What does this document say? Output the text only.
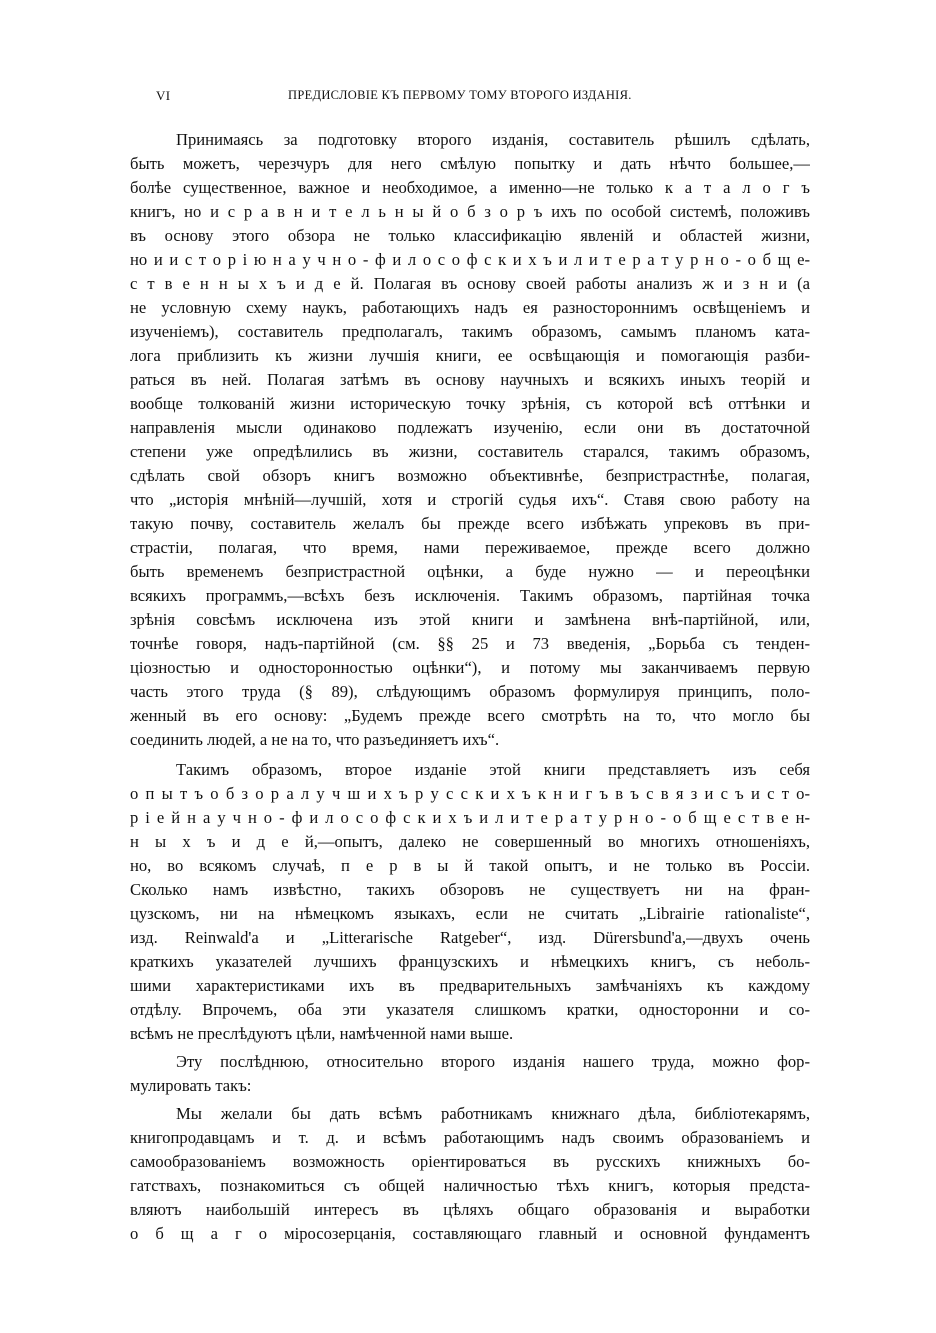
VI	ПРЕДИСЛОВІЕ КЪ ПЕРВОМУ ТОМУ ВТОРОГО ИЗДАНІЯ.
Принимаясь за подготовку второго изданія, составитель рѣшилъ сдѣлать,
быть можетъ, черезчуръ для него смѣлую попытку и дать нѣчто большее,—
болѣе существенное, важное и необходимое, а именно—не только к а т а л о г ъ
книгъ, но и с р а в н и т е л ь н ы й о б з о р ъ ихъ по особой системѣ, положивъ
въ основу этого обзора не только классификацію явленій и областей жизни,
но и и с т о р і ю н а у ч н о - ф и л о с о ф с к и х ъ и л и т е р а т у р н о - о б щ е-
с т в е н н ы х ъ и д е й. Полагая въ основу своей работы анализъ ж и з н и (а
не условную схему наукъ, работающихъ надъ ея разностороннимъ освѣщеніемъ и
изученіемъ), составитель предполагалъ, такимъ образомъ, самымъ планомъ ката-
лога приблизить къ жизни лучшія книги, ее освѣщающія и помогающія разби-
раться въ ней. Полагая затѣмъ въ основу научныхъ и всякихъ иныхъ теорій и
вообще толкованій жизни историческую точку зрѣнія, съ которой всѣ оттѣнки и
направленія мысли одинаково подлежатъ изученію, если они въ достаточной
степени уже опредѣлились въ жизни, составитель старался, такимъ образомъ,
сдѣлать свой обзоръ книгъ возможно объективнѣе, безпристрастнѣе, полагая,
что „исторія мнѣній—лучшій, хотя и строгій судья ихъ“. Ставя свою работу на
такую почву, составитель желалъ бы прежде всего избѣжать упрековъ въ при-
страстіи, полагая, что время, нами переживаемое, прежде всего должно
быть временемъ безпристрастной оцѣнки, а буде нужно — и переоцѣнки
всякихъ программъ,—всѣхъ безъ исключенія. Такимъ образомъ, партійная точка
зрѣнія совсѣмъ исключена изъ этой книги и замѣнена внѣ-партійной, или,
точнѣе говоря, надъ-партійной (см. §§ 25 и 73 введенія, „Борьба съ тенден-
ціозностью и односторонностью оцѣнки“), и потому мы заканчиваемъ первую
часть этого труда (§ 89), слѣдующимъ образомъ формулируя принципъ, поло-
женный въ его основу: „Будемъ прежде всего смотрѣть на то, что могло бы
соединить людей, а не на то, что разъединяетъ ихъ“.
Такимъ образомъ, второе изданіе этой книги представляетъ изъ себя
о п ы т ъ о б з о р а л у ч ш и х ъ р у с с к и х ъ к н и г ъ в ъ с в я з и с ъ и с т о-
р і е й н а у ч н о - ф и л о с о ф с к и х ъ и л и т е р а т у р н о - о б щ е с т в е н-
н ы х ъ и д е й,—опытъ, далеко не совершенный во многихъ отношеніяхъ,
но, во всякомъ случаѣ, п е р в ы й такой опытъ, и не только въ Россіи.
Сколько намъ извѣстно, такихъ обзоровъ не существуетъ ни на фран-
цузскомъ, ни на нѣмецкомъ языкахъ, если не считать „Librairie rationaliste“,
изд. Reinwald'a и „Litterarische Ratgeber“, изд. Dürersbund'a,—двухъ очень
краткихъ указателей лучшихъ французскихъ и нѣмецкихъ книгъ, съ неболь-
шими характеристиками ихъ въ предварительныхъ замѣчаніяхъ къ каждому
отдѣлу. Впрочемъ, оба эти указателя слишкомъ кратки, односторонни и со-
всѣмъ не преслѣдуютъ цѣли, намѣченной нами выше.
Эту послѣднюю, относительно второго изданія нашего труда, можно фор-
мулировать такъ:
Мы желали бы дать всѣмъ работникамъ книжнаго дѣла, библіотекарямъ,
книгопродавцамъ и т. д. и всѣмъ работающимъ надъ своимъ образованіемъ и
самообразованіемъ возможность оріентироваться въ русскихъ книжныхъ бо-
гатствахъ, познакомиться съ общей наличностью тѣхъ книгъ, которыя предста-
вляютъ наибольшій интересъ въ цѣляхъ общаго образованія и выработки
о б щ а г о міросозерцанія, составляющаго главный и основной фундаментъ
